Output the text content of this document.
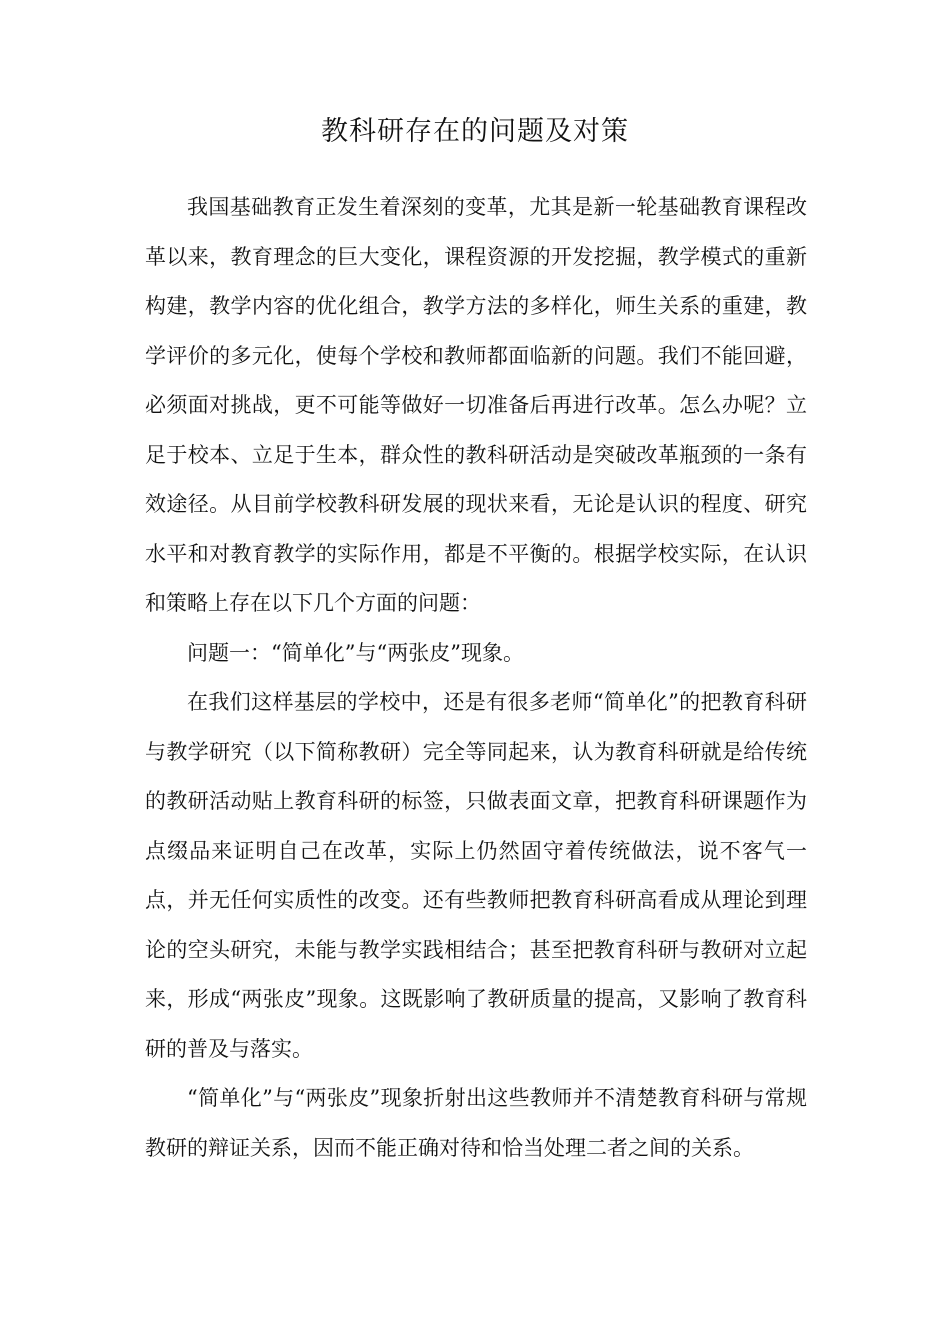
教科研存在的问题及对策

我国基础教育正发生着深刻的变革，尤其是新一轮基础教育课程改革以来，教育理念的巨大变化，课程资源的开发挖掘，教学模式的重新构建，教学内容的优化组合，教学方法的多样化，师生关系的重建，教学评价的多元化，使每个学校和教师都面临新的问题。我们不能回避，必须面对挑战，更不可能等做好一切准备后再进行改革。怎么办呢？立足于校本、立足于生本，群众性的教科研活动是突破改革瓶颈的一条有效途径。从目前学校教科研发展的现状来看，无论是认识的程度、研究水平和对教育教学的实际作用，都是不平衡的。根据学校实际，在认识和策略上存在以下几个方面的问题：

问题一：“简单化”与“两张皮”现象。

在我们这样基层的学校中，还是有很多老师“简单化”的把教育科研与教学研究（以下简称教研）完全等同起来，认为教育科研就是给传统的教研活动贴上教育科研的标签，只做表面文章，把教育科研课题作为点缀品来证明自己在改革，实际上仍然固守着传统做法，说不客气一点，并无任何实质性的改变。还有些教师把教育科研高看成从理论到理论的空头研究，未能与教学实践相结合；甚至把教育科研与教研对立起来，形成“两张皮”现象。这既影响了教研质量的提高，又影响了教育科研的普及与落实。

“简单化”与“两张皮”现象折射出这些教师并不清楚教育科研与常规教研的辩证关系，因而不能正确对待和恰当处理二者之间的关系。
